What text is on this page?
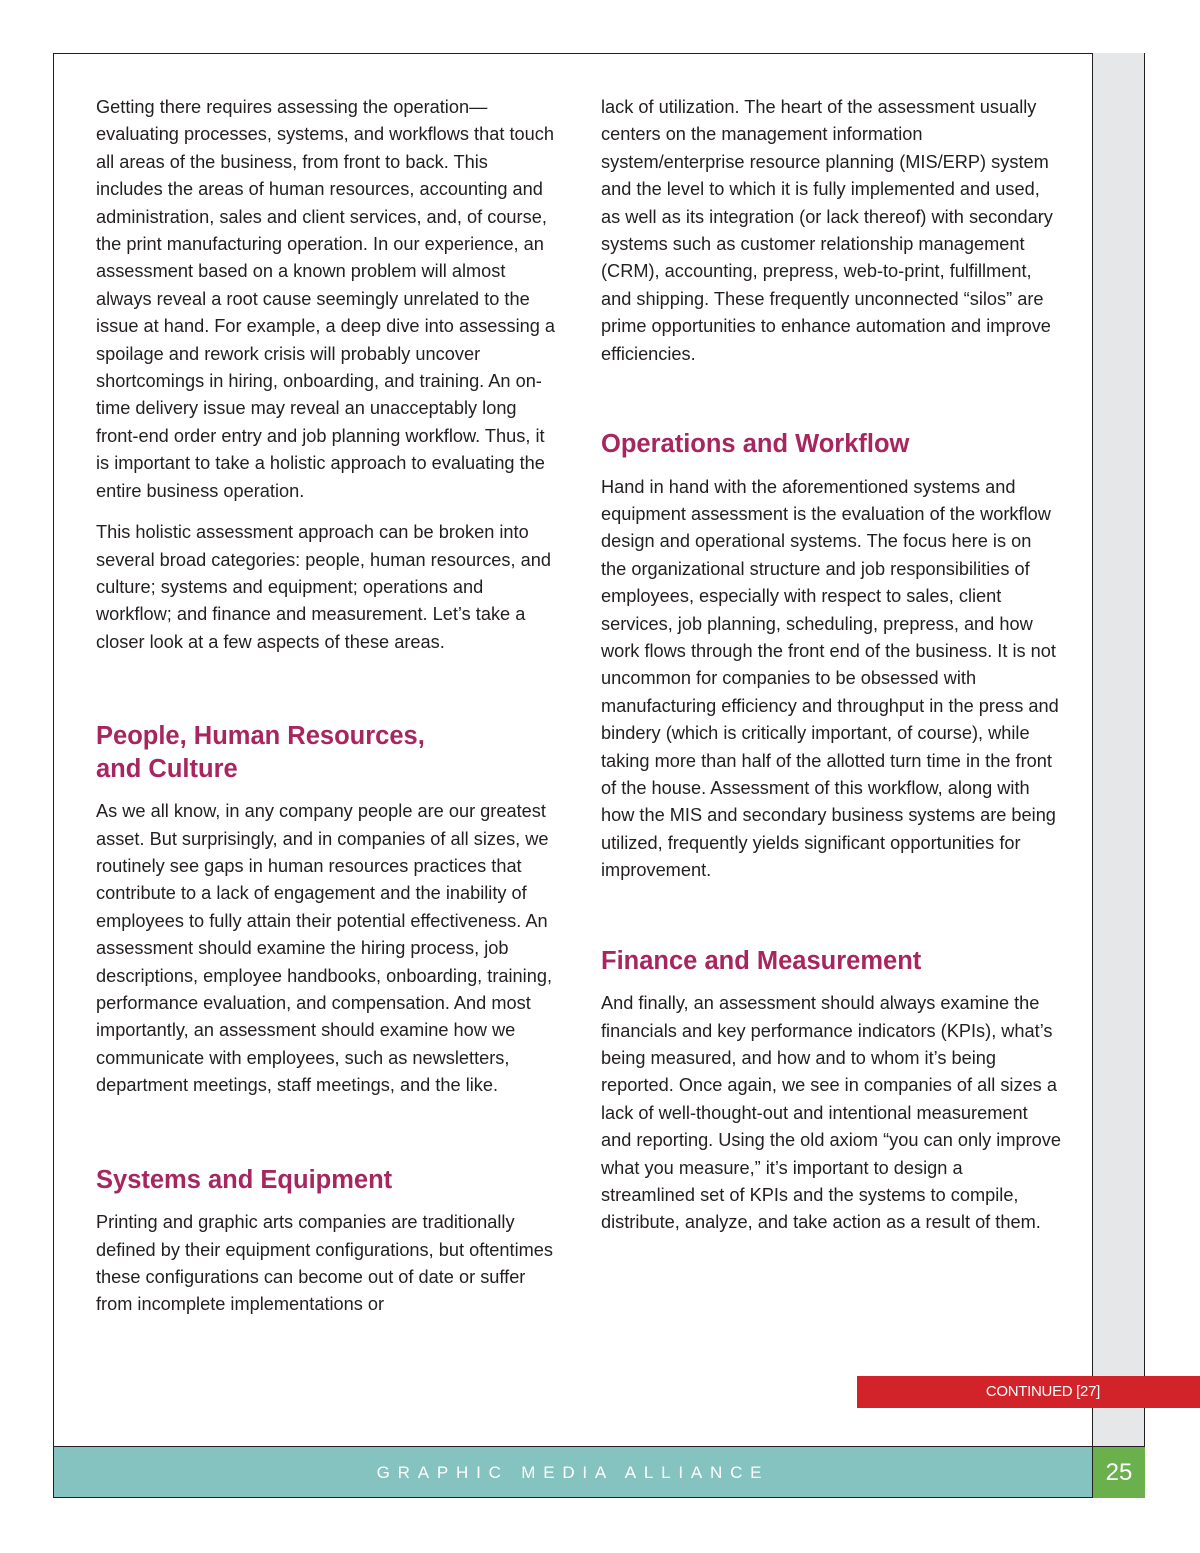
Getting there requires assessing the operation—evaluating processes, systems, and workflows that touch all areas of the business, from front to back. This includes the areas of human resources, accounting and administration, sales and client services, and, of course, the print manufacturing operation. In our experience, an assessment based on a known problem will almost always reveal a root cause seemingly unrelated to the issue at hand. For example, a deep dive into assessing a spoilage and rework crisis will probably uncover shortcomings in hiring, onboarding, and training. An on-time delivery issue may reveal an unacceptably long front-end order entry and job planning workflow. Thus, it is important to take a holistic approach to evaluating the entire business operation.

This holistic assessment approach can be broken into several broad categories: people, human resources, and culture; systems and equipment; operations and workflow; and finance and measurement. Let’s take a closer look at a few aspects of these areas.

People, Human Resources,
and Culture

As we all know, in any company people are our greatest asset. But surprisingly, and in companies of all sizes, we routinely see gaps in human resources practices that contribute to a lack of engagement and the inability of employees to fully attain their potential effectiveness. An assessment should examine the hiring process, job descriptions, employee handbooks, onboarding, training, performance evaluation, and compensation. And most importantly, an assessment should examine how we communicate with employees, such as newsletters, department meetings, staff meetings, and the like.

Systems and Equipment

Printing and graphic arts companies are traditionally defined by their equipment configurations, but oftentimes these configurations can become out of date or suffer from incomplete implementations or

lack of utilization. The heart of the assessment usually centers on the management information system/enterprise resource planning (MIS/ERP) system and the level to which it is fully implemented and used, as well as its integration (or lack thereof) with secondary systems such as customer relationship management (CRM), accounting, prepress, web-to-print, fulfillment, and shipping. These frequently unconnected “silos” are prime opportunities to enhance automation and improve efficiencies.

Operations and Workflow

Hand in hand with the aforementioned systems and equipment assessment is the evaluation of the workflow design and operational systems. The focus here is on the organizational structure and job responsibilities of employees, especially with respect to sales, client services, job planning, scheduling, prepress, and how work flows through the front end of the business. It is not uncommon for companies to be obsessed with manufacturing efficiency and throughput in the press and bindery (which is critically important, of course), while taking more than half of the allotted turn time in the front of the house. Assessment of this workflow, along with how the MIS and secondary business systems are being utilized, frequently yields significant opportunities for improvement.

Finance and Measurement

And finally, an assessment should always examine the financials and key performance indicators (KPIs), what’s being measured, and how and to whom it’s being reported. Once again, we see in companies of all sizes a lack of well-thought-out and intentional measurement and reporting. Using the old axiom “you can only improve what you measure,” it’s important to design a streamlined set of KPIs and the systems to compile, distribute, analyze, and take action as a result of them.

CONTINUED [27]
GRAPHIC MEDIA ALLIANCE	25
